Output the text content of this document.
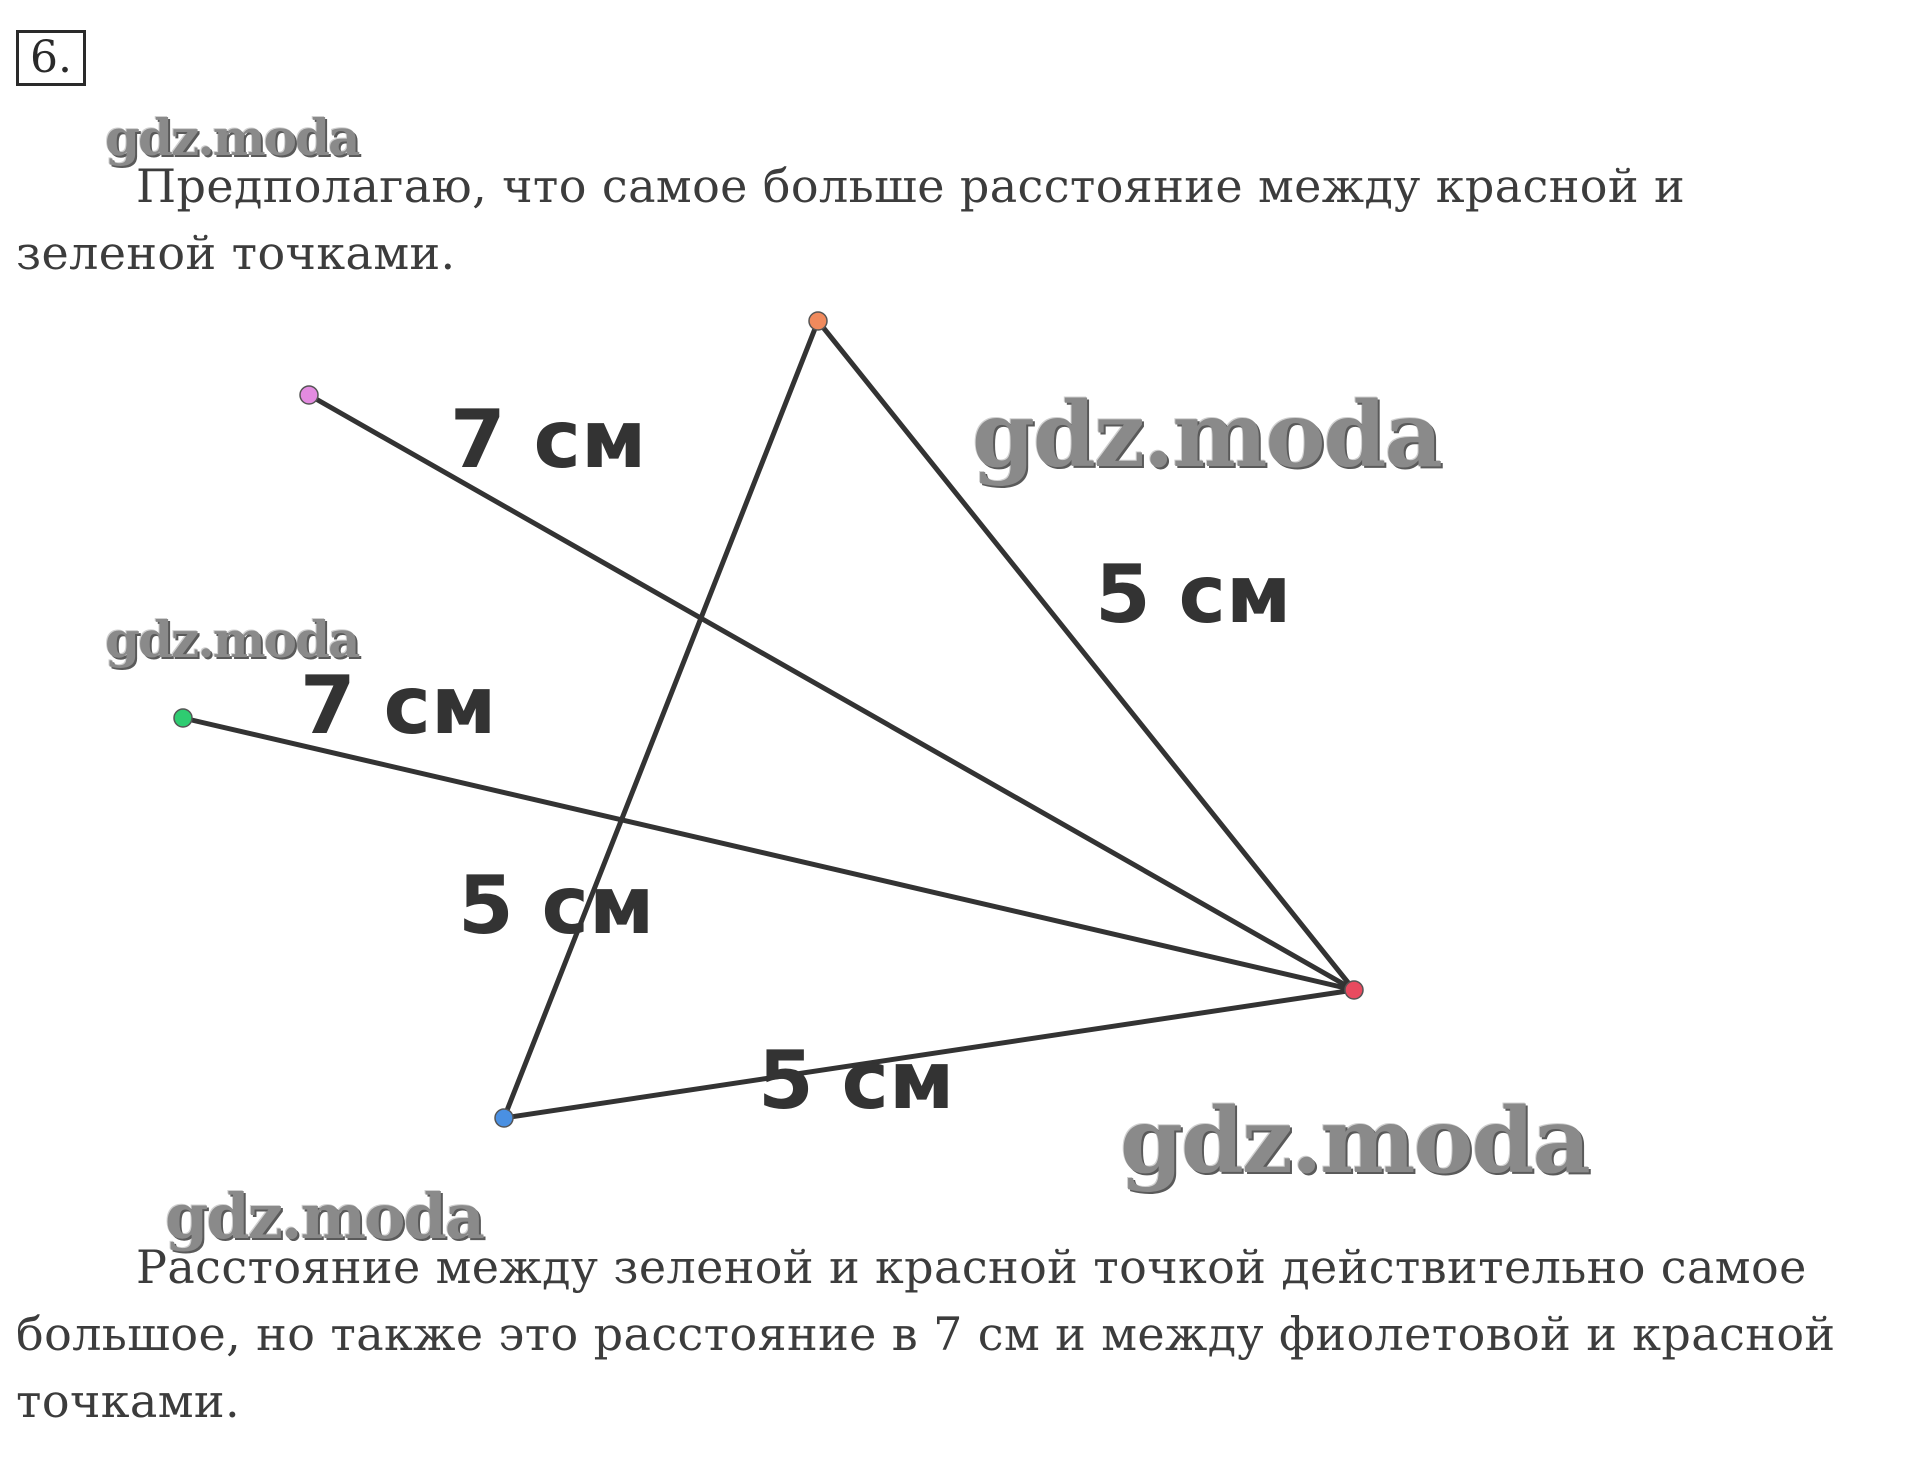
6.
gdz.moda

Предполагаю, что самое больше расстояние между красной и зеленой точками.

7 см
7 см
5 см
5 см
5 см
gdz.moda
gdz.moda
gdz.moda
gdz.moda

Расстояние между зеленой и красной точкой действительно самое большое, но также это расстояние в 7 см и между фиолетовой и красной точками.
